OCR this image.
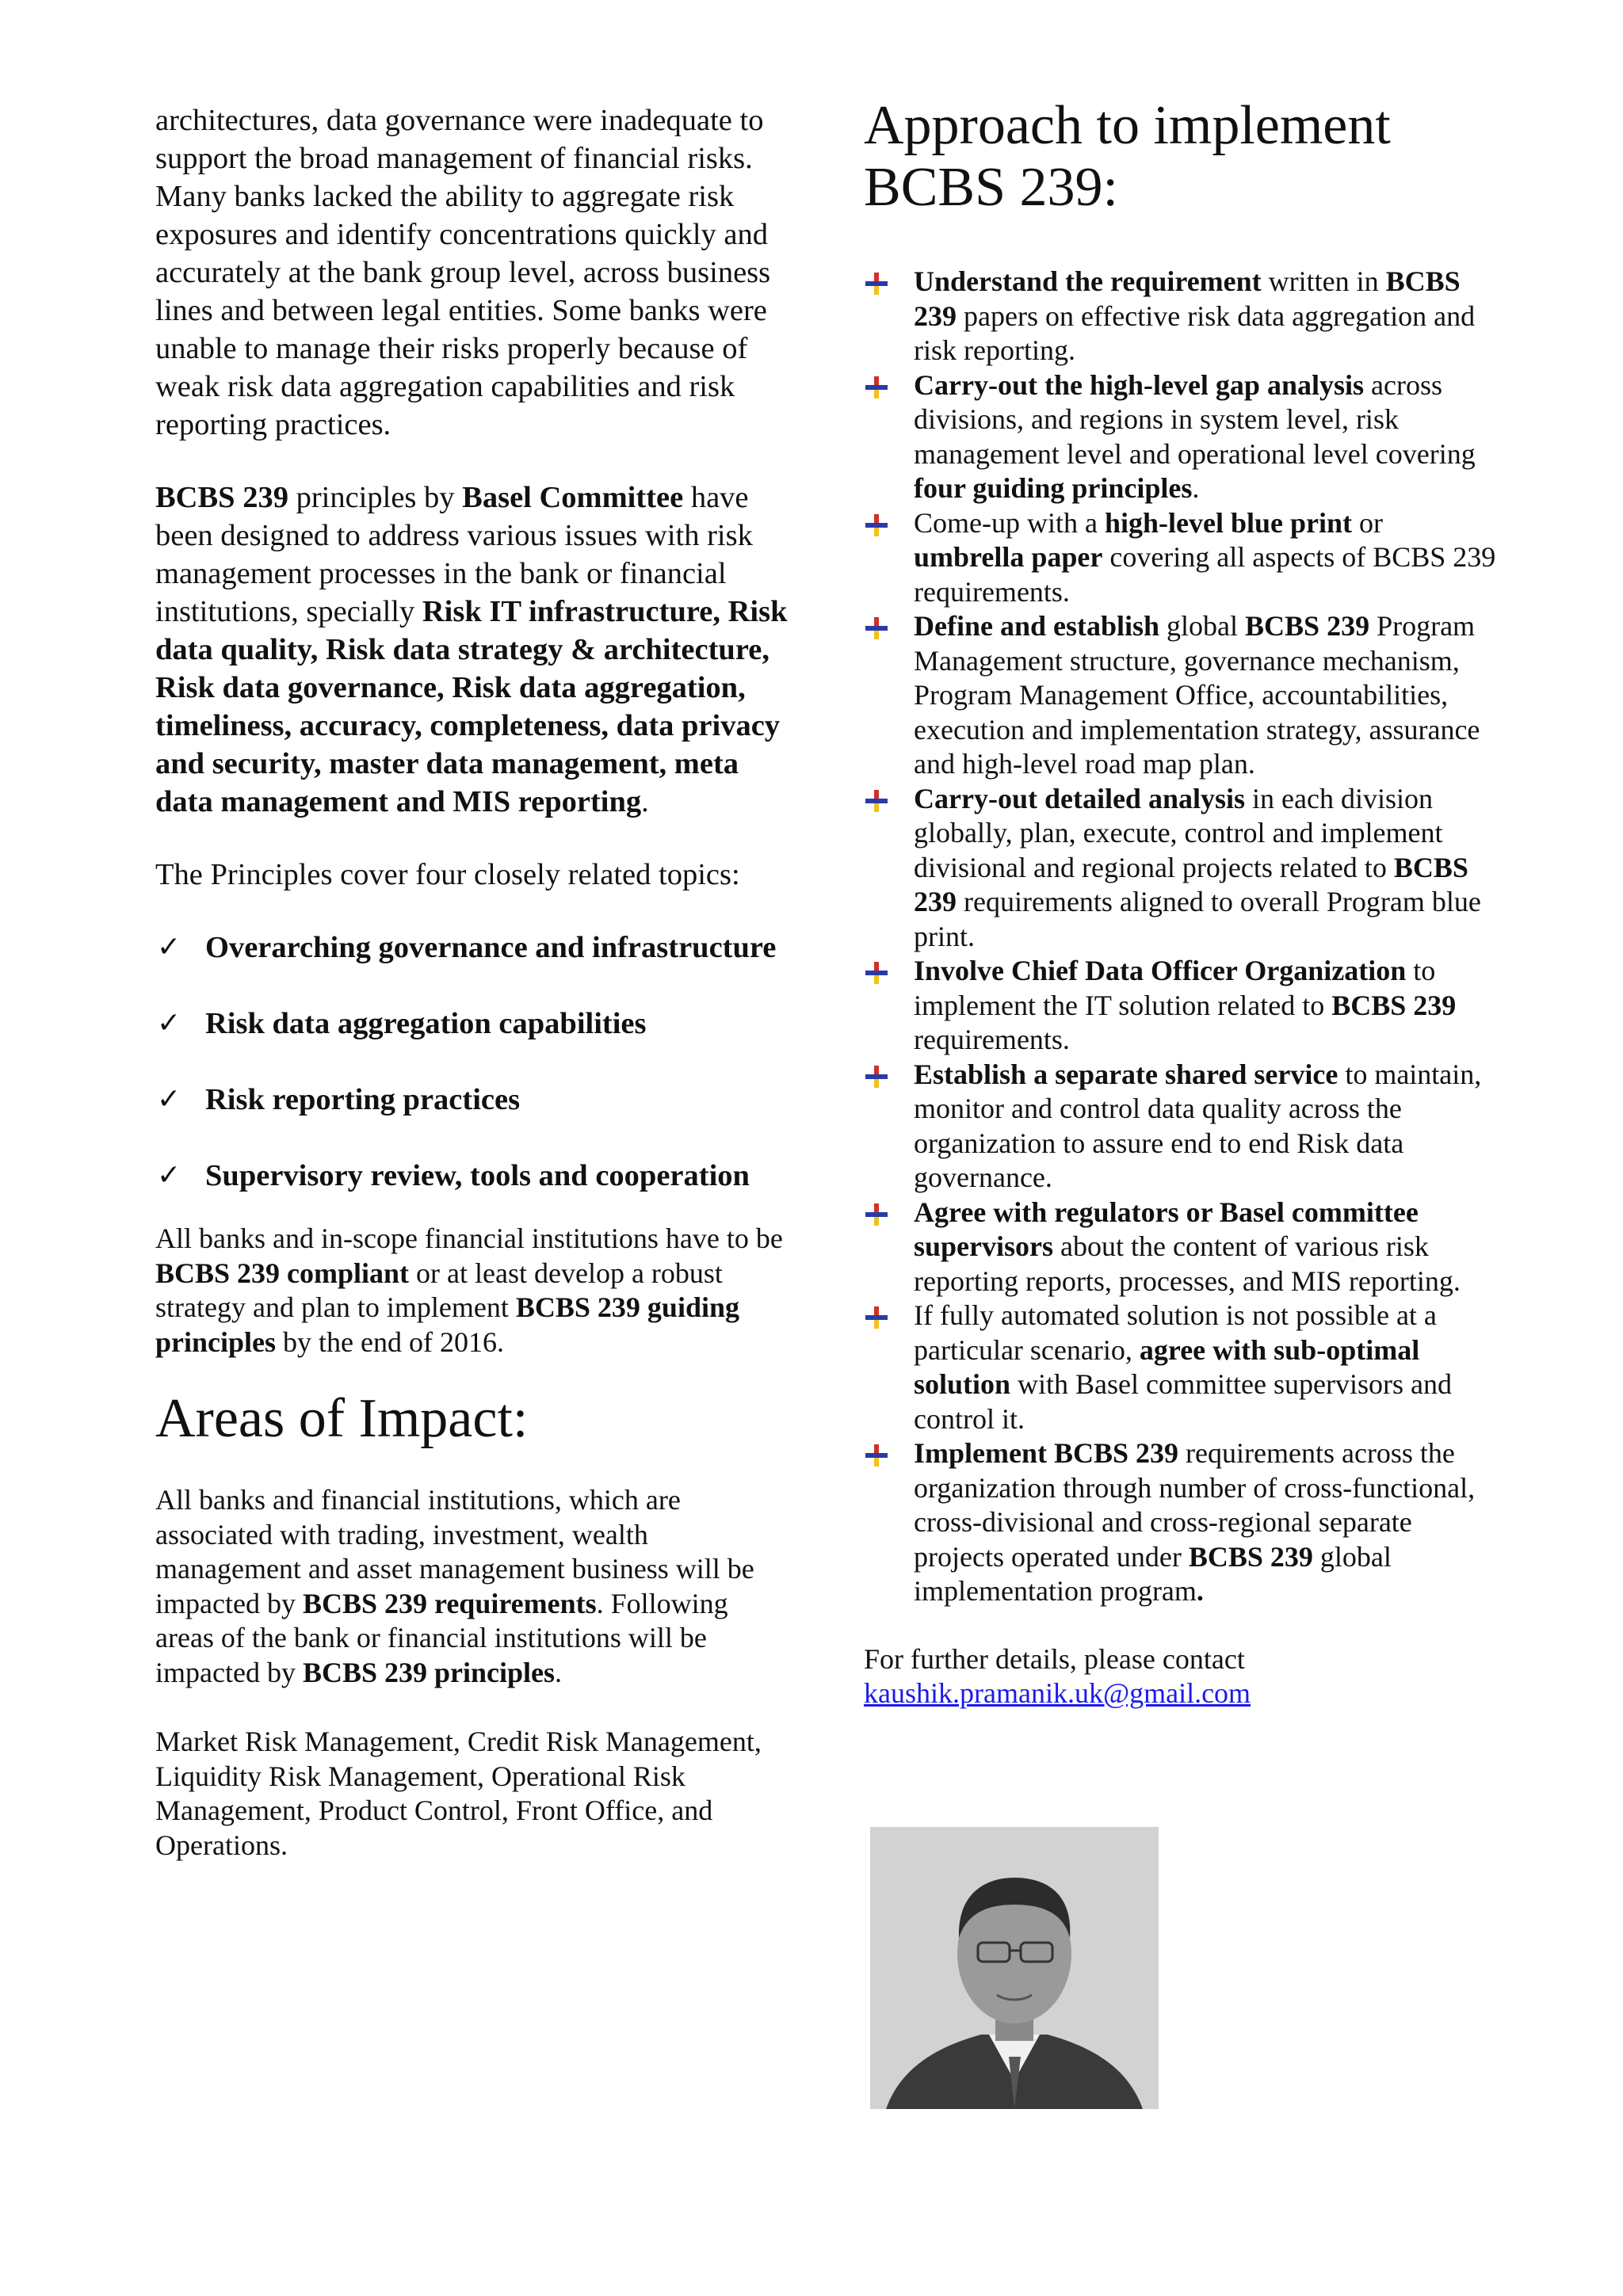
architectures, data governance were inadequate to support the broad management of financial risks. Many banks lacked the ability to aggregate risk exposures and identify concentrations quickly and accurately at the bank group level, across business lines and between legal entities. Some banks were unable to manage their risks properly because of weak risk data aggregation capabilities and risk reporting practices.

BCBS 239 principles by Basel Committee have been designed to address various issues with risk management processes in the bank or financial institutions, specially Risk IT infrastructure, Risk data quality, Risk data strategy & architecture, Risk data governance, Risk data aggregation, timeliness, accuracy, completeness, data privacy and security, master data management, meta data management and MIS reporting.

The Principles cover four closely related topics:

✓ Overarching governance and infrastructure
✓ Risk data aggregation capabilities
✓ Risk reporting practices
✓ Supervisory review, tools and cooperation

All banks and in-scope financial institutions have to be BCBS 239 compliant or at least develop a robust strategy and plan to implement BCBS 239 guiding principles by the end of 2016.

Areas of Impact:

All banks and financial institutions, which are associated with trading, investment, wealth management and asset management business will be impacted by BCBS 239 requirements. Following areas of the bank or financial institutions will be impacted by BCBS 239 principles.

Market Risk Management, Credit Risk Management, Liquidity Risk Management, Operational Risk Management, Product Control, Front Office, and Operations.

Approach to implement BCBS 239:
Understand the requirement written in BCBS 239 papers on effective risk data aggregation and risk reporting.
Carry-out the high-level gap analysis across divisions, and regions in system level, risk management level and operational level covering four guiding principles.
Come-up with a high-level blue print or umbrella paper covering all aspects of BCBS 239 requirements.
Define and establish global BCBS 239 Program Management structure, governance mechanism, Program Management Office, accountabilities, execution and implementation strategy, assurance and high-level road map plan.
Carry-out detailed analysis in each division globally, plan, execute, control and implement divisional and regional projects related to BCBS 239 requirements aligned to overall Program blue print.
Involve Chief Data Officer Organization to implement the IT solution related to BCBS 239 requirements.
Establish a separate shared service to maintain, monitor and control data quality across the organization to assure end to end Risk data governance.
Agree with regulators or Basel committee supervisors about the content of various risk reporting reports, processes, and MIS reporting.
If fully automated solution is not possible at a particular scenario, agree with sub-optimal solution with Basel committee supervisors and control it.
Implement BCBS 239 requirements across the organization through number of cross-functional, cross-divisional and cross-regional separate projects operated under BCBS 239 global implementation program.

For further details, please contact

kaushik.pramanik.uk@gmail.com
